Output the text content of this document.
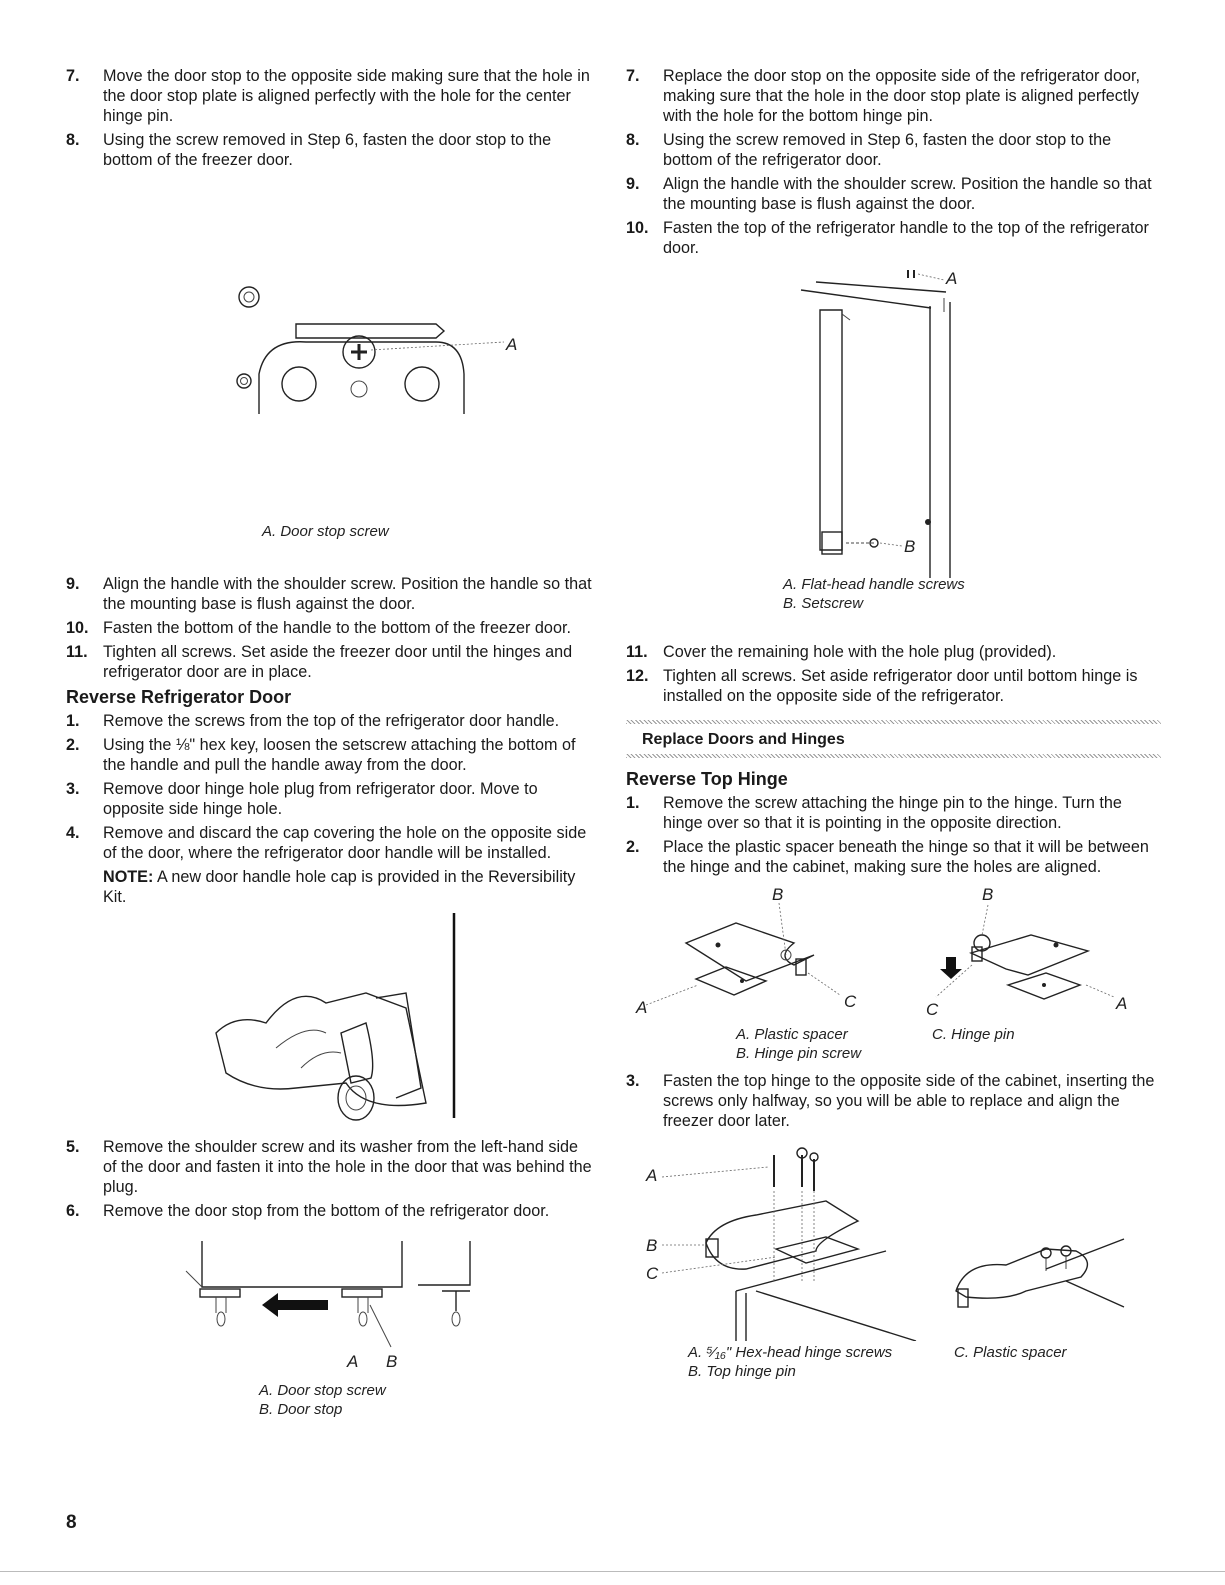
7. Move the door stop to the opposite side making sure that the hole in the door stop plate is aligned perfectly with the hole for the center hinge pin.
8. Using the screw removed in Step 6, fasten the door stop to the bottom of the freezer door.
A
A. Door stop screw
9. Align the handle with the shoulder screw. Position the handle so that the mounting base is flush against the door.
10. Fasten the bottom of the handle to the bottom of the freezer door.
11. Tighten all screws. Set aside the freezer door until the hinges and refrigerator door are in place.
Reverse Refrigerator Door
1. Remove the screws from the top of the refrigerator door handle.
2. Using the ⅛" hex key, loosen the setscrew attaching the bottom of the handle and pull the handle away from the door.
3. Remove door hinge hole plug from refrigerator door. Move to opposite side hinge hole.
4. Remove and discard the cap covering the hole on the opposite side of the door, where the refrigerator door handle will be installed.

NOTE: A new door handle hole cap is provided in the Reversibility Kit.

5. Remove the shoulder screw and its washer from the left-hand side of the door and fasten it into the hole in the door that was behind the plug.
6. Remove the door stop from the bottom of the refrigerator door.
A B
A. Door stop screw
B. Door stop
7. Replace the door stop on the opposite side of the refrigerator door, making sure that the hole in the door stop plate is aligned perfectly with the hole for the bottom hinge pin.
8. Using the screw removed in Step 6, fasten the door stop to the bottom of the refrigerator door.
9. Align the handle with the shoulder screw. Position the handle so that the mounting base is flush against the door.
10. Fasten the top of the refrigerator handle to the top of the refrigerator door.
A
B
A. Flat-head handle screws
B. Setscrew
11. Cover the remaining hole with the hole plug (provided).
12. Tighten all screws. Set aside refrigerator door until bottom hinge is installed on the opposite side of the refrigerator.
Replace Doors and Hinges
Reverse Top Hinge
1. Remove the screw attaching the hinge pin to the hinge. Turn the hinge over so that it is pointing in the opposite direction.
2. Place the plastic spacer beneath the hinge so that it will be between the hinge and the cabinet, making sure the holes are aligned.
B
A	C
B
A
C
A. Plastic spacer
B. Hinge pin screw
C. Hinge pin
3. Fasten the top hinge to the opposite side of the cabinet, inserting the screws only halfway, so you will be able to replace and align the freezer door later.
A
B
C
A. ⁵⁄₁₆" Hex-head hinge screws
B. Top hinge pin
C. Plastic spacer
8
